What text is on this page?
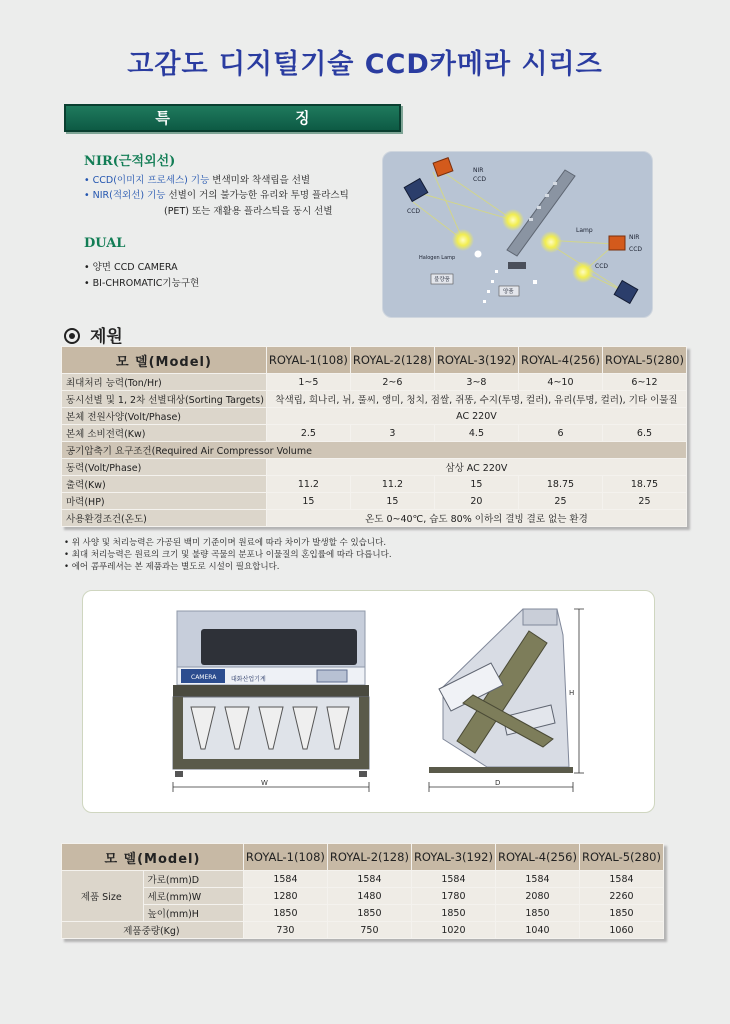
고감도 디지털기술 CCD카메라 시리즈
특 징
NIR(근적외선)
• CCD(이미지 프로세스) 기능 변색미와 착색립을 선별
• NIR(적외선) 기능 선별이 거의 불가능한 유리와 투명 플라스틱
(PET) 또는 재활용 플라스틱을 동시 선별
DUAL
• 양면 CCD CAMERA
• BI-CHROMATIC기능구현
NIR
CCD
CCD
Lamp
NIR
CCD
CCD
Halogen Lamp
불량품
양품
제원
모 델(Model)	ROYAL-1(108)	ROYAL-2(128)	ROYAL-3(192)	ROYAL-4(256)	ROYAL-5(280)
최대처리 능력(Ton/Hr)	1~5	2~6	3~8	4~10	6~12
동시선별 및 1, 2차 선별대상(Sorting Targets)	착색립, 희나리, 뉘, 풀씨, 앵미, 청치, 점쌀, 쥐똥, 수지(투명, 컬러), 유리(투명, 컬러), 기타 이물질				
본체 전원사양(Volt/Phase)	AC 220V				
본체 소비전력(Kw)	2.5	3	4.5	6	6.5
공기압축기 요구조건(Required Air Compressor Volume					
동력(Volt/Phase)	삼상 AC 220V				
출력(Kw)	11.2	11.2	15	18.75	18.75
마력(HP)	15	15	20	25	25
사용환경조건(온도)	온도 0~40℃, 습도 80% 이하의 결빙 결로 없는 환경				
• 위 사양 및 처리능력은 가공된 백미 기준이며 원료에 따라 차이가 발생할 수 있습니다.
• 최대 처리능력은 원료의 크기 및 불량 곡물의 분포나 이물질의 혼입률에 따라 다릅니다.
• 에어 콤푸레셔는 본 제품과는 별도로 시설이 필요합니다.
CAMERA 대화산업기계
W
H
D
모 델(Model)		ROYAL-1(108)	ROYAL-2(128)	ROYAL-3(192)	ROYAL-4(256)	ROYAL-5(280)
제품 Size	가로(mm)D	1584	1584	1584	1584	1584
	세로(mm)W	1280	1480	1780	2080	2260
	높이(mm)H	1850	1850	1850	1850	1850
제품중량(Kg)		730	750	1020	1040	1060
